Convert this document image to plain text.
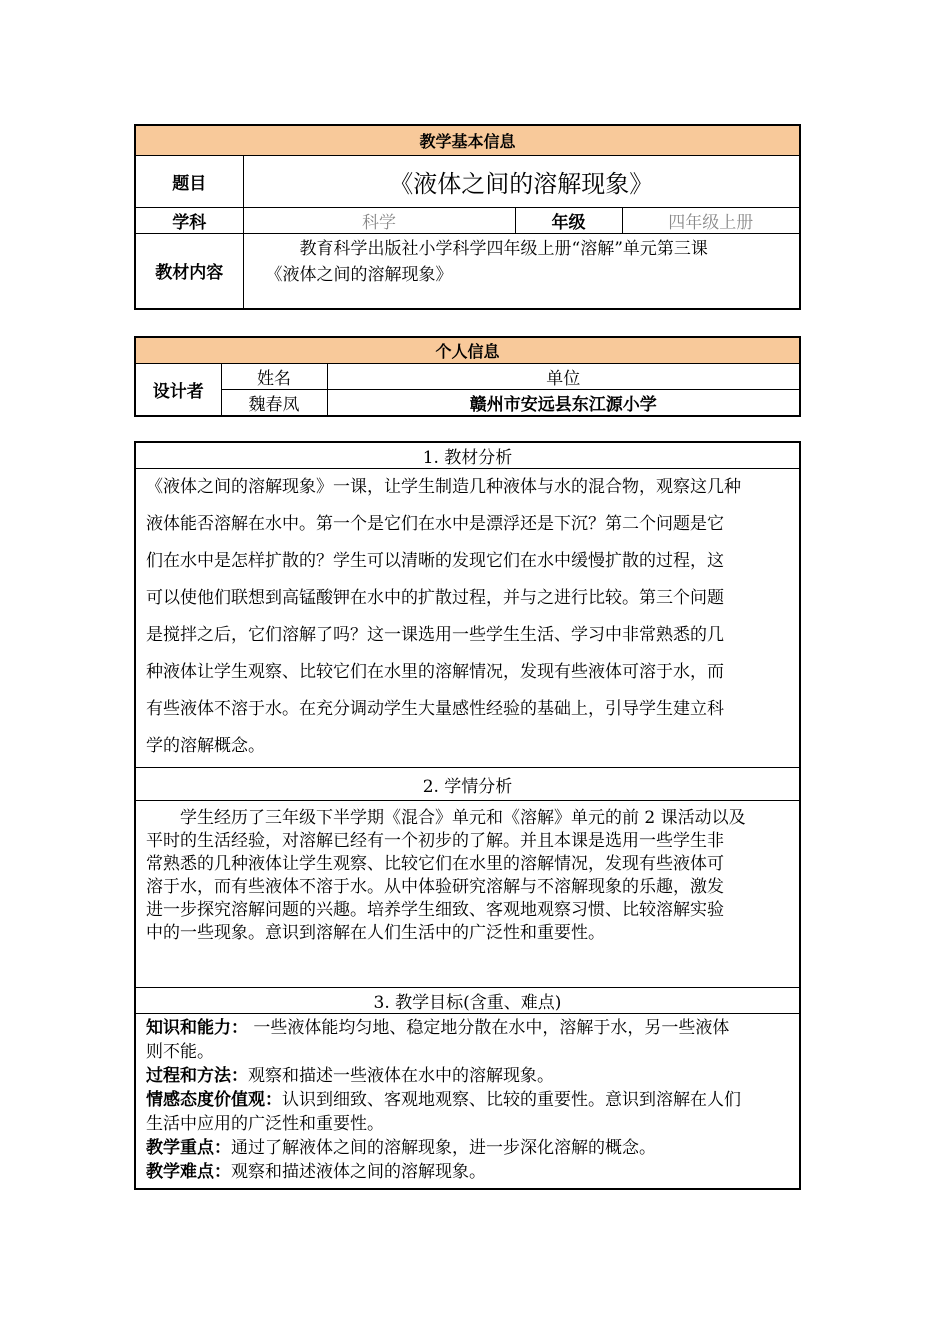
教学基本信息			
题目	《液体之间的溶解现象》		
学科	科学	年级	四年级上册
教材内容	教育科学出版社小学科学四年级上册“溶解”单元第三课
《液体之间的溶解现象》		
个人信息		
设计者	姓名	单位
	魏春凤	赣州市安远县东江源小学
1. 教材分析

《液体之间的溶解现象》一课，让学生制造几种液体与水的混合物，观察这几种
液体能否溶解在水中。第一个是它们在水中是漂浮还是下沉？第二个问题是它
们在水中是怎样扩散的？学生可以清晰的发现它们在水中缓慢扩散的过程，这
可以使他们联想到高锰酸钾在水中的扩散过程，并与之进行比较。第三个问题
是搅拌之后，它们溶解了吗？这一课选用一些学生生活、学习中非常熟悉的几
种液体让学生观察、比较它们在水里的溶解情况，发现有些液体可溶于水，而
有些液体不溶于水。在充分调动学生大量感性经验的基础上，引导学生建立科
学的溶解概念。

2. 学情分析

学生经历了三年级下半学期《混合》单元和《溶解》单元的前 2 课活动以及
平时的生活经验，对溶解已经有一个初步的了解。并且本课是选用一些学生非
常熟悉的几种液体让学生观察、比较它们在水里的溶解情况，发现有些液体可
溶于水，而有些液体不溶于水。从中体验研究溶解与不溶解现象的乐趣，激发
进一步探究溶解问题的兴趣。培养学生细致、客观地观察习惯、比较溶解实验
中的一些现象。意识到溶解在人们生活中的广泛性和重要性。

3. 教学目标(含重、难点)

知识和能力： 一些液体能均匀地、稳定地分散在水中，溶解于水，另一些液体
则不能。
过程和方法：观察和描述一些液体在水中的溶解现象。
情感态度价值观：认识到细致、客观地观察、比较的重要性。意识到溶解在人们
生活中应用的广泛性和重要性。
教学重点：通过了解液体之间的溶解现象，进一步深化溶解的概念。
教学难点：观察和描述液体之间的溶解现象。
